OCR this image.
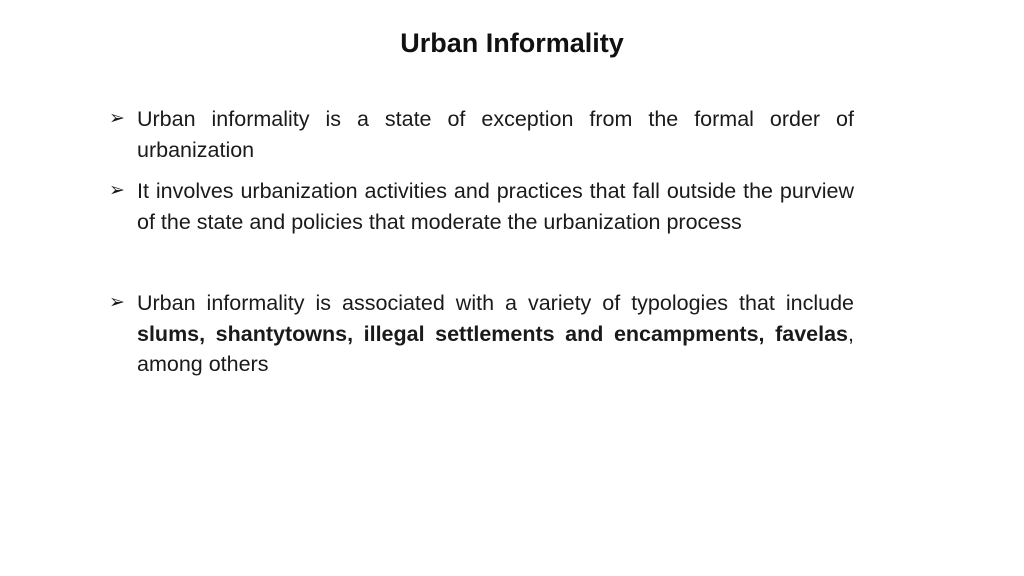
Urban Informality
➢ Urban informality is a state of exception from the formal order of urbanization
➢ It involves urbanization activities and practices that fall outside the purview of the state and policies that moderate the urbanization process
➢ Urban informality is associated with a variety of typologies that include slums, shantytowns, illegal settlements and encampments, favelas, among others
